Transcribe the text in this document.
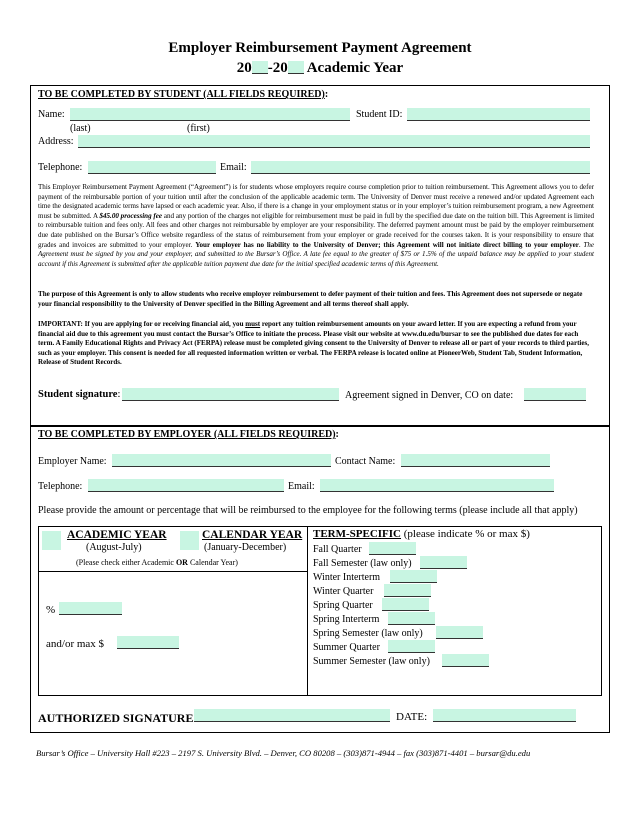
Employer Reimbursement Payment Agreement
20 -20 Academic Year
TO BE COMPLETED BY STUDENT (ALL FIELDS REQUIRED):
Name:	Student ID:
(last)	(first)
Address:
Telephone:	Email:
This Employer Reimbursement Payment Agreement (“Agreement”) is for students whose employers require course completion prior to tuition reimbursement. This Agreement allows you to defer payment of the reimbursable portion of your tuition until after the conclusion of the applicable academic term. The University of Denver must receive a renewed and/or updated Agreement each time the designated academic terms have lapsed or each academic year. Also, if there is a change in your employment status or in your employer’s tuition reimbursement program, a new Agreement must be submitted. A $45.00 processing fee and any portion of the charges not eligible for reimbursement must be paid in full by the specified due date on the tuition bill. This Agreement is limited to reimbursable tuition and fees only. All fees and other charges not reimbursable by employer are your responsibility. The deferred payment amount must be paid by the employer reimbursement due date published on the Bursar’s Office website regardless of the status of reimbursement from your employer or grade received for the courses taken. It is your responsibility to ensure that grades and invoices are submitted to your employer. Your employer has no liability to the University of Denver; this Agreement will not initiate direct billing to your employer. The Agreement must be signed by you and your employer, and submitted to the Bursar’s Office. A late fee equal to the greater of $75 or 1.5% of the unpaid balance may be applied to your student account if this Agreement is submitted after the applicable tuition payment due date for the initial specified academic terms of this Agreement.
The purpose of this Agreement is only to allow students who receive employer reimbursement to defer payment of their tuition and fees. This Agreement does not supersede or negate your financial responsibility to the University of Denver specified in the Billing Agreement and all terms thereof shall apply.
IMPORTANT: If you are applying for or receiving financial aid, you must report any tuition reimbursement amounts on your award letter. If you are expecting a refund from your financial aid due to this agreement you must contact the Bursar’s Office to initiate the process. Please visit our website at www.du.edu/bursar to see the published due dates for each term. A Family Educational Rights and Privacy Act (FERPA) release must be completed giving consent to the University of Denver to release all or part of your records to third parties, such as your employer. This consent is needed for all requested information written or verbal. The FERPA release is located online at PioneerWeb, Student Tab, Student Information, Release of Student Records.
Student signature:	Agreement signed in Denver, CO on date:
TO BE COMPLETED BY EMPLOYER (ALL FIELDS REQUIRED):
Employer Name:	Contact Name:
Telephone:	Email:
Please provide the amount or percentage that will be reimbursed to the employee for the following terms (please include all that apply)
ACADEMIC YEAR
(August-July)
CALENDAR YEAR
(January-December)
(Please check either Academic OR Calendar Year)
%
and/or max $
TERM-SPECIFIC (please indicate % or max $)
Fall Quarter
Fall Semester (law only)
Winter Interterm
Winter Quarter
Spring Quarter
Spring Interterm
Spring Semester (law only)
Summer Quarter
Summer Semester (law only)
AUTHORIZED SIGNATURE	DATE:
Bursar’s Office – University Hall #223 – 2197 S. University Blvd. – Denver, CO 80208 – (303)871-4944 – fax (303)871-4401 – bursar@du.edu
